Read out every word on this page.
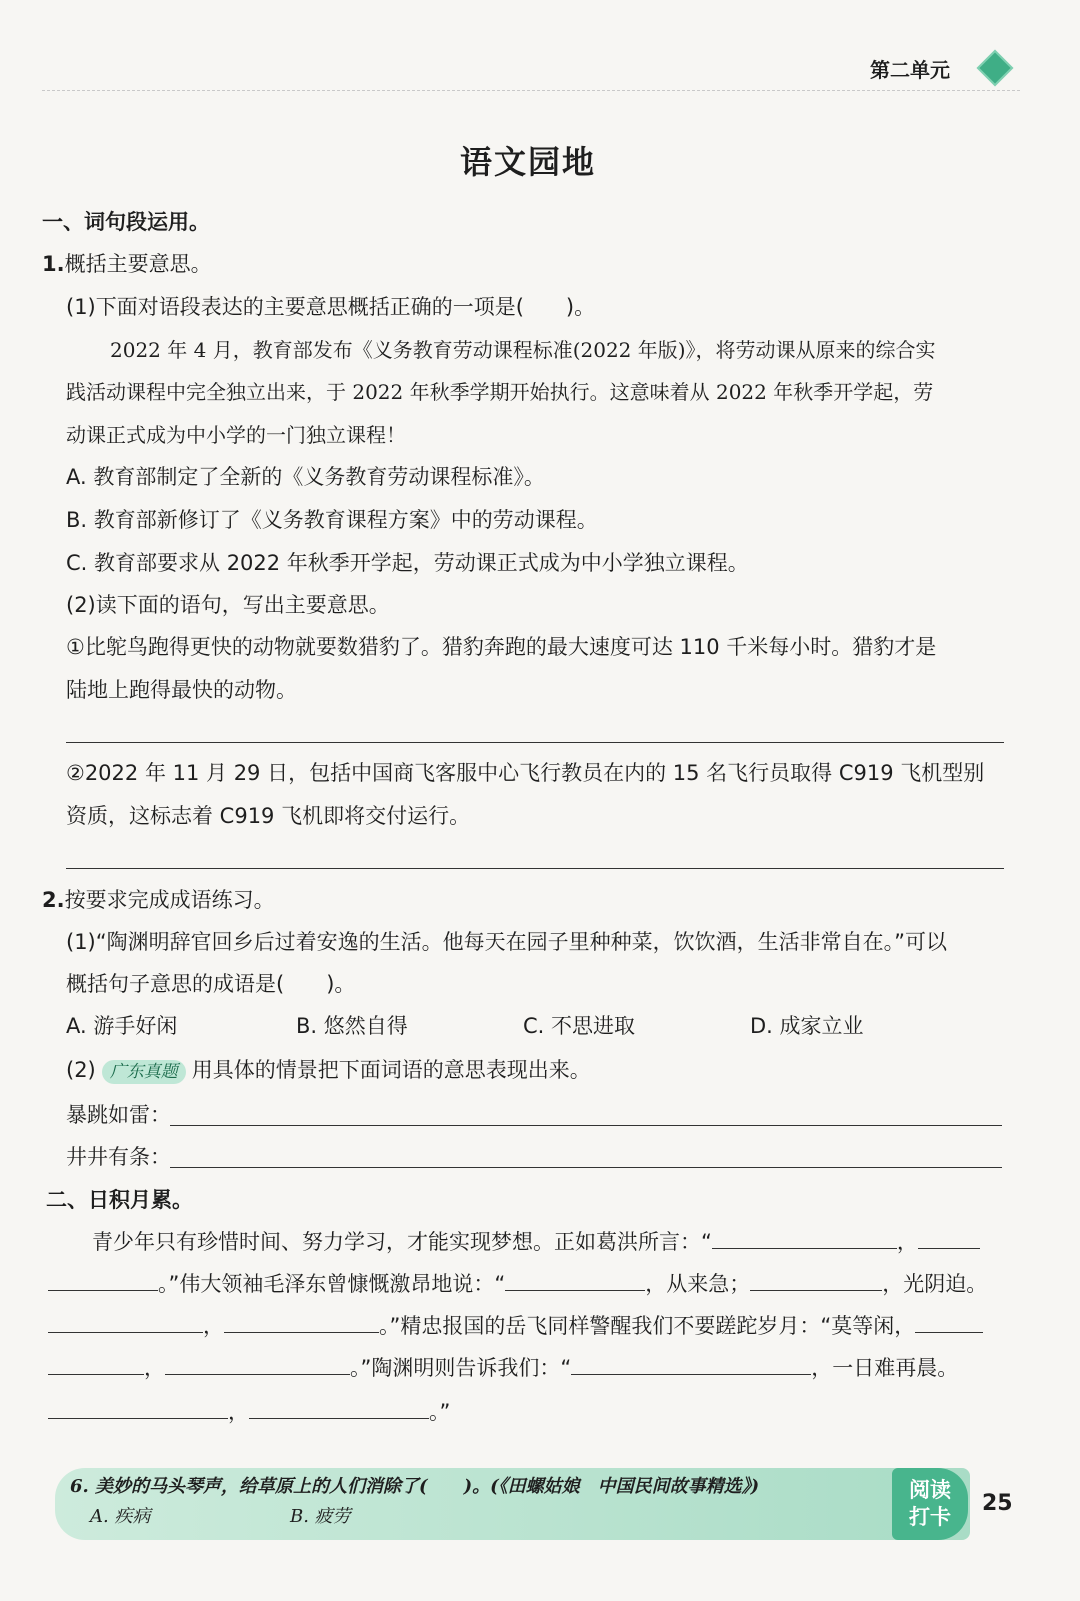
第二单元
语文园地
一、词句段运用。
1.概括主要意思。
(1)下面对语段表达的主要意思概括正确的一项是(　　)。
2022 年 4 月，教育部发布《义务教育劳动课程标准(2022 年版)》，将劳动课从原来的综合实
践活动课程中完全独立出来，于 2022 年秋季学期开始执行。这意味着从 2022 年秋季开学起，劳
动课正式成为中小学的一门独立课程！
A. 教育部制定了全新的《义务教育劳动课程标准》。
B. 教育部新修订了《义务教育课程方案》中的劳动课程。
C. 教育部要求从 2022 年秋季开学起，劳动课正式成为中小学独立课程。
(2)读下面的语句，写出主要意思。
①比鸵鸟跑得更快的动物就要数猎豹了。猎豹奔跑的最大速度可达 110 千米每小时。猎豹才是
陆地上跑得最快的动物。
②2022 年 11 月 29 日，包括中国商飞客服中心飞行教员在内的 15 名飞行员取得 C919 飞机型别
资质，这标志着 C919 飞机即将交付运行。
2.按要求完成成语练习。
(1)“陶渊明辞官回乡后过着安逸的生活。他每天在园子里种种菜，饮饮酒，生活非常自在。”可以
概括句子意思的成语是(　　)。
A. 游手好闲	B. 悠然自得	C. 不思进取	D. 成家立业
(2) 广东真题 用具体的情景把下面词语的意思表现出来。
暴跳如雷：
井井有条：
二、日积月累。
青少年只有珍惜时间、努力学习，才能实现梦想。正如葛洪所言：“	，
。”伟大领袖毛泽东曾慷慨激昂地说：“	，从来急；	，光阴迫。
，	。”精忠报国的岳飞同样警醒我们不要蹉跎岁月：“莫等闲，
，	。”陶渊明则告诉我们：“	，一日难再晨。
，	。”
6. 美妙的马头琴声，给草原上的人们消除了(　　)。(《田螺姑娘　中国民间故事精选》)
A. 疾病	B. 疲劳
阅读
打卡
25
